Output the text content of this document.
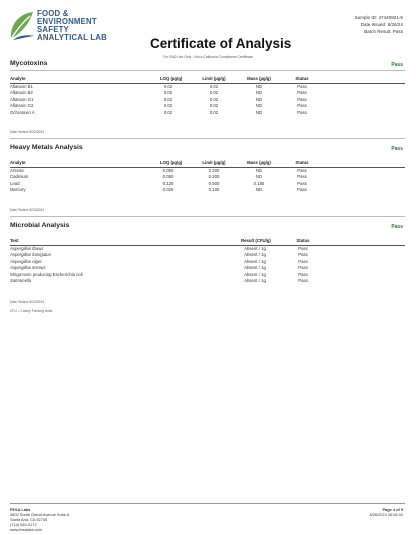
FOOD &
ENVIRONMENT
SAFETY
ANALYTICAL LAB
Sample ID: 47440821-5
Date Issued: 8/26/24
Batch Result: Pass
Certificate of Analysis
For R&D Use Only - Not a California Compliance Certificate
Mycotoxins	Pass
Analyte	LOQ (µg/g)	Limit (µg/g)	Mass (µg/g)	Status
Aflatoxin B1	0.02	0.02	ND	Pass
Aflatoxin B2	0.02	0.02	ND	Pass
Aflatoxin G1	0.02	0.02	ND	Pass
Aflatoxin G2	0.02	0.02	ND	Pass
Ochratoxin A	0.02	0.02	ND	Pass
Date Tested: 8/22/2024
Heavy Metals Analysis	Pass
Analyte	LOQ (µg/g)	Limit (µg/g)	Mass (µg/g)	Status
Arsenic	0.050	0.200	ND	Pass
Cadmium	0.050	0.200	ND	Pass
Lead	0.125	0.500	0.185	Pass
Mercury	0.025	0.100	ND	Pass
Date Tested: 8/23/2024
Microbial Analysis	Pass
Test	Result (CFU/g)	Status
Aspergillus flavus	Absent / 1g	Pass
Aspergillus fumigatus	Absent / 1g	Pass
Aspergillus niger	Absent / 1g	Pass
Aspergillus terreus	Absent / 1g	Pass
Shiga-toxin producing Escherichia coli	Absent / 1g	Pass
Salmonella	Absent / 1g	Pass
Date Tested: 8/23/2024
CFU = Colony Forming Units
FESA Labs
2802 South Grand Avenue Suite A
Santa Ana, CA 92705
(714) 540-0172
www.fesalabs.com
Page 4 of 5
8/26/2024 16:06:32
